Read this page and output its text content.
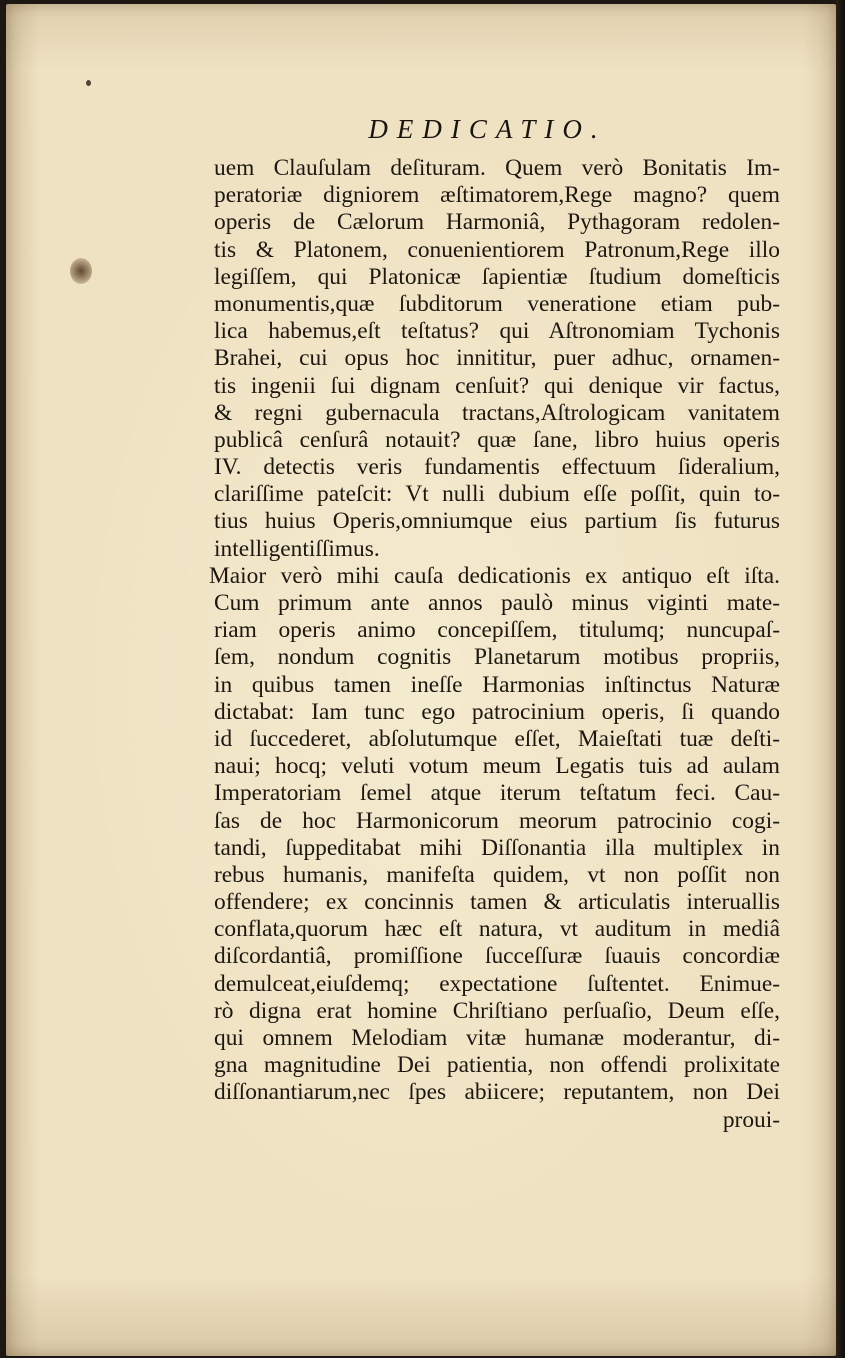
DEDICATIO.
uem Clauſulam deſituram. Quem verò Bonitatis Im-
peratoriæ digniorem æſtimatorem,Rege magno? quem
operis de Cælorum Harmoniâ, Pythagoram redolen-
tis & Platonem, conuenientiorem Patronum,Rege illo
legiſſem, qui Platonicæ ſapientiæ ſtudium domeſticis
monumentis,quæ ſubditorum veneratione etiam pub-
lica habemus,eſt teſtatus? qui Aſtronomiam Tychonis
Brahei, cui opus hoc innititur, puer adhuc, ornamen-
tis ingenii ſui dignam cenſuit? qui denique vir factus,
& regni gubernacula tractans,Aſtrologicam vanitatem
publicâ cenſurâ notauit? quæ ſane, libro huius operis
IV. detectis veris fundamentis effectuum ſideralium,
clariſſime pateſcit: Vt nulli dubium eſſe poſſit, quin to-
tius huius Operis,omniumque eius partium ſis futurus
intelligentiſſimus.
Maior verò mihi cauſa dedicationis ex antiquo eſt iſta.
Cum primum ante annos paulò minus viginti mate-
riam operis animo concepiſſem, titulumq; nuncupaſ-
ſem, nondum cognitis Planetarum motibus propriis,
in quibus tamen ineſſe Harmonias inſtinctus Naturæ
dictabat: Iam tunc ego patrocinium operis, ſi quando
id ſuccederet, abſolutumque eſſet, Maieſtati tuæ deſti-
naui; hocq; veluti votum meum Legatis tuis ad aulam
Imperatoriam ſemel atque iterum teſtatum feci. Cau-
ſas de hoc Harmonicorum meorum patrocinio cogi-
tandi, ſuppeditabat mihi Diſſonantia illa multiplex in
rebus humanis, manifeſta quidem, vt non poſſit non
offendere; ex concinnis tamen & articulatis interuallis
conflata,quorum hæc eſt natura, vt auditum in mediâ
diſcordantiâ, promiſſione ſucceſſuræ ſuauis concordiæ
demulceat,eiuſdemq; expectatione ſuſtentet. Enimue-
rò digna erat homine Chriſtiano perſuaſio, Deum eſſe,
qui omnem Melodiam vitæ humanæ moderantur, di-
gna magnitudine Dei patientia, non offendi prolixitate
diſſonantiarum,nec ſpes abiicere; reputantem, non Dei
proui-
